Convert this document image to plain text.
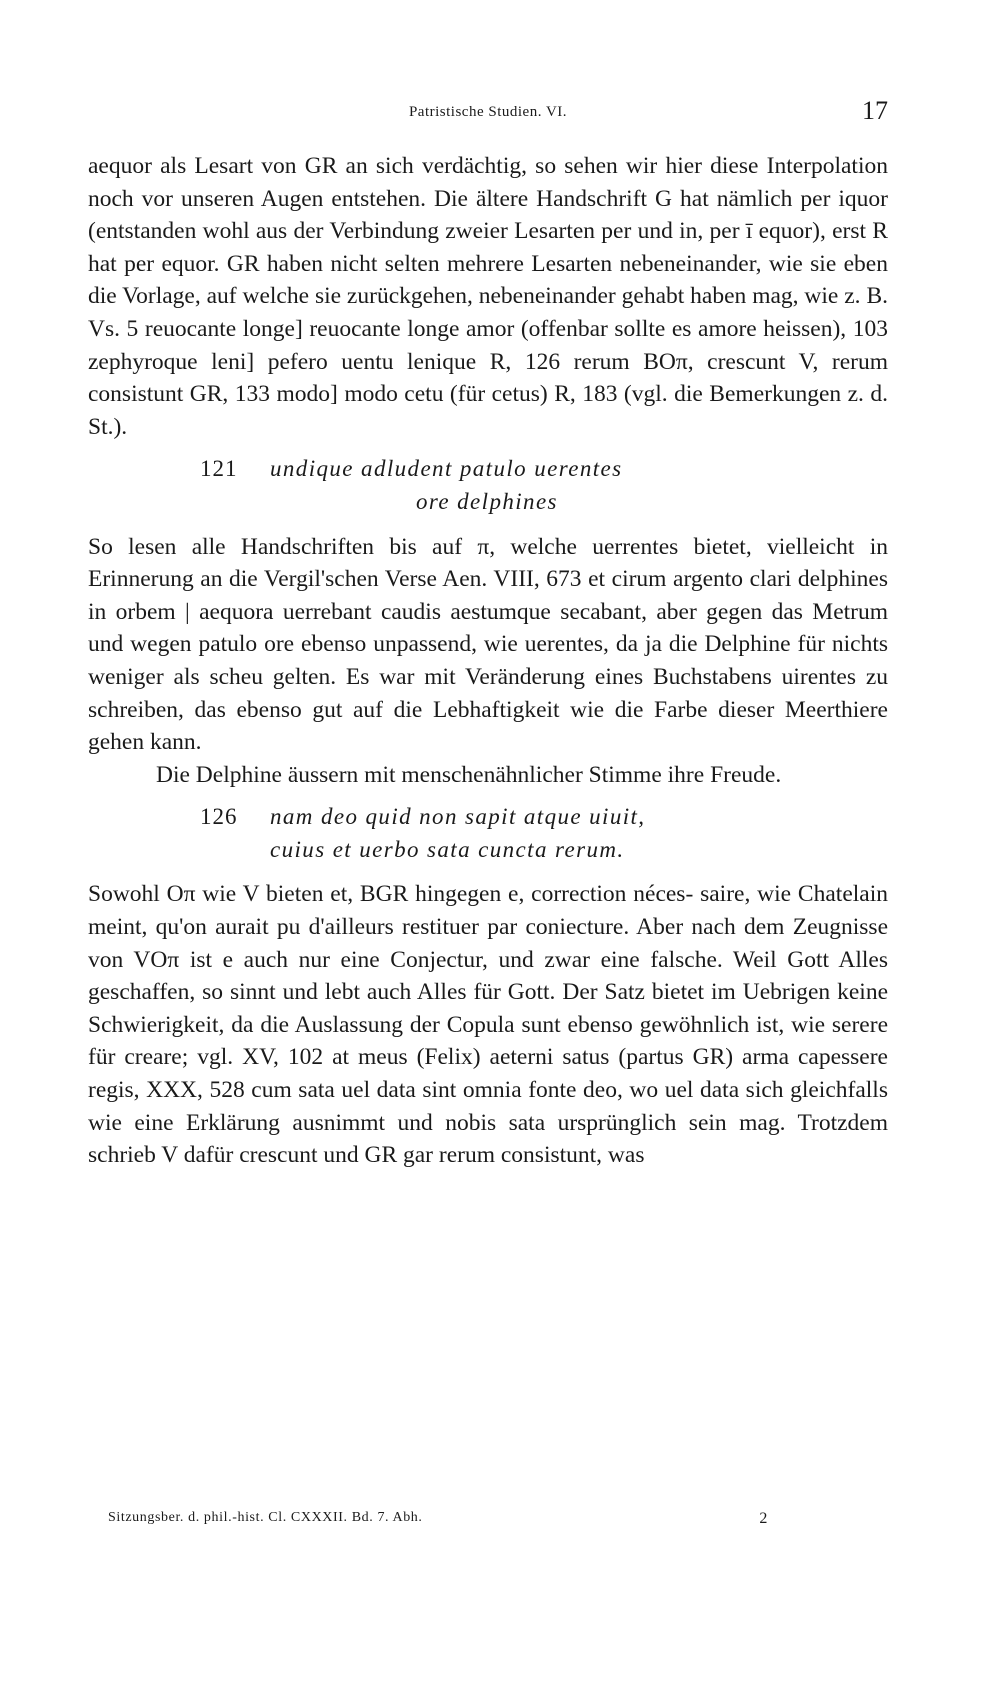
Patristische Studien. VI.	17

aequor als Lesart von GR an sich verdächtig, so sehen wir hier diese Interpolation noch vor unseren Augen entstehen. Die ältere Handschrift G hat nämlich per iquor (entstanden wohl aus der Verbindung zweier Lesarten per und in, per ī equor), erst R hat per equor. GR haben nicht selten mehrere Lesarten nebeneinander, wie sie eben die Vorlage, auf welche sie zurückgehen, nebeneinander gehabt haben mag, wie z. B. Vs. 5 reuocante longe] reuocante longe amor (offenbar sollte es amore heissen), 103 zephyroque leni] pefero uentu lenique R, 126 rerum BOπ, crescunt V, rerum consistunt GR, 133 modo] modo cetu (für cetus) R, 183 (vgl. die Bemerkungen z. d. St.).

121 undique adludent patulo uerentes
ore delphines

So lesen alle Handschriften bis auf π, welche uerrentes bietet, vielleicht in Erinnerung an die Vergil'schen Verse Aen. VIII, 673 et cirum argento clari delphines in orbem | aequora uerrebant caudis aestumque secabant, aber gegen das Metrum und wegen patulo ore ebenso unpassend, wie uerentes, da ja die Delphine für nichts weniger als scheu gelten. Es war mit Veränderung eines Buchstabens uirentes zu schreiben, das ebenso gut auf die Lebhaftigkeit wie die Farbe dieser Meerthiere gehen kann.

Die Delphine äussern mit menschenähnlicher Stimme ihre Freude.

126 nam deo quid non sapit atque uiuit,
cuius et uerbo sata cuncta rerum.

Sowohl Oπ wie V bieten et, BGR hingegen e, correction néces- saire, wie Chatelain meint, qu'on aurait pu d'ailleurs restituer par coniecture. Aber nach dem Zeugnisse von VOπ ist e auch nur eine Conjectur, und zwar eine falsche. Weil Gott Alles geschaffen, so sinnt und lebt auch Alles für Gott. Der Satz bietet im Uebrigen keine Schwierigkeit, da die Auslassung der Copula sunt ebenso gewöhnlich ist, wie serere für creare; vgl. XV, 102 at meus (Felix) aeterni satus (partus GR) arma capessere regis, XXX, 528 cum sata uel data sint omnia fonte deo, wo uel data sich gleichfalls wie eine Erklärung ausnimmt und nobis sata ursprünglich sein mag. Trotzdem schrieb V dafür crescunt und GR gar rerum consistunt, was

Sitzungsber. d. phil.-hist. Cl. CXXXII. Bd. 7. Abh.	2
